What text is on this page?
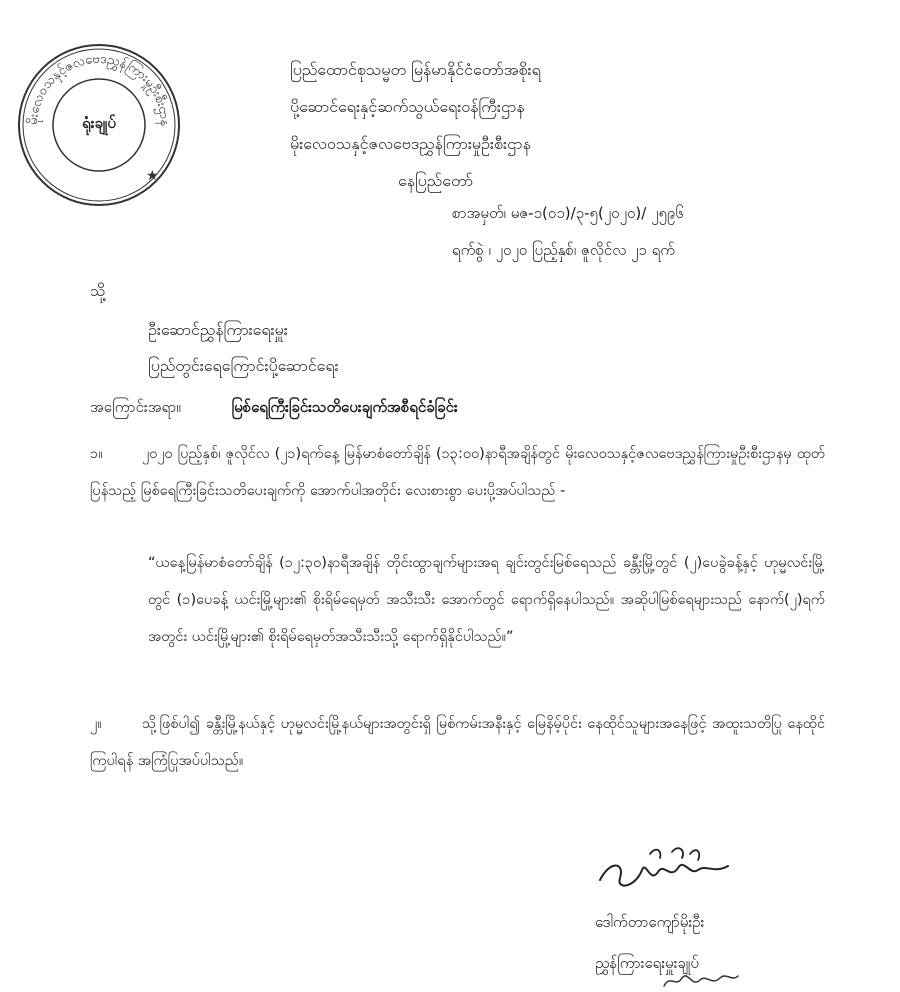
မိုးလေဝသနှင့်ဇလဗေဒညွှန်ကြားမှုဦးစီးဌာန
★
ရုံးချုပ်
ပြည်ထောင်စုသမ္မတ မြန်မာနိုင်ငံတော်အစိုးရ
ပို့ဆောင်ရေးနှင့်ဆက်သွယ်ရေးဝန်ကြီးဌာန
မိုးလေဝသနှင့်ဇလဗေဒညွှန်ကြားမှုဦးစီးဌာန
နေပြည်တော်
စာအမှတ်၊ မဇ-၁(၀၁)/၃-၅(၂၀၂၀)/ ၂၅၉၆
ရက်စွဲ ၊ ၂၀၂၀ ပြည့်နှစ်၊ ဇူလိုင်လ ၂၁ ရက်
သို့
ဦးဆောင်ညွှန်ကြားရေးမှူး
ပြည်တွင်းရေကြောင်းပို့ဆောင်ရေး
အကြောင်းအရာ။	မြစ်ရေကြီးခြင်းသတိပေးချက်အစီရင်ခံခြင်း
၁။	၂၀၂၀ ပြည့်နှစ်၊ ဇူလိုင်လ (၂၁)ရက်နေ့ မြန်မာစံတော်ချိန် (၁၃:၀၀)နာရီအချိန်တွင် မိုးလေဝသနှင့်ဇလဗေဒညွှန်ကြားမှုဦးစီးဌာနမှ ထုတ်ပြန်သည့် မြစ်ရေကြီးခြင်းသတိပေးချက်ကို အောက်ပါအတိုင်း လေးစားစွာ ပေးပို့အပ်ပါသည် -
“ယနေ့မြန်မာစံတော်ချိန် (၁၂:၃၀)နာရီအချိန် တိုင်းထွာချက်များအရ ချင်းတွင်းမြစ်ရေသည် ခန္တီးမြို့တွင် (၂)ပေခွဲခန့်နှင့် ဟုမ္မလင်းမြို့တွင် (၁)ပေခန့် ယင်းမြို့များ၏ စိုးရိမ်ရေမှတ် အသီးသီး အောက်တွင် ရောက်ရှိနေပါသည်။ အဆိုပါမြစ်ရေများသည် နောက်(၂)ရက်အတွင်း ယင်းမြို့များ၏ စိုးရိမ်ရေမှတ်အသီးသီးသို့ ရောက်ရှိနိုင်ပါသည်။”
၂။	သို့ဖြစ်ပါ၍ ခန္တီးမြို့နယ်နှင့် ဟုမ္မလင်းမြို့နယ်များအတွင်းရှိ မြစ်ကမ်းအနီးနှင့် မြေနိမ့်ပိုင်း နေထိုင်သူများအနေဖြင့် အထူးသတိပြု နေထိုင်ကြပါရန် အကြံပြုအပ်ပါသည်။
ဒေါက်တာကျော်မိုးဦး
ညွှန်ကြားရေးမှူးချုပ်
